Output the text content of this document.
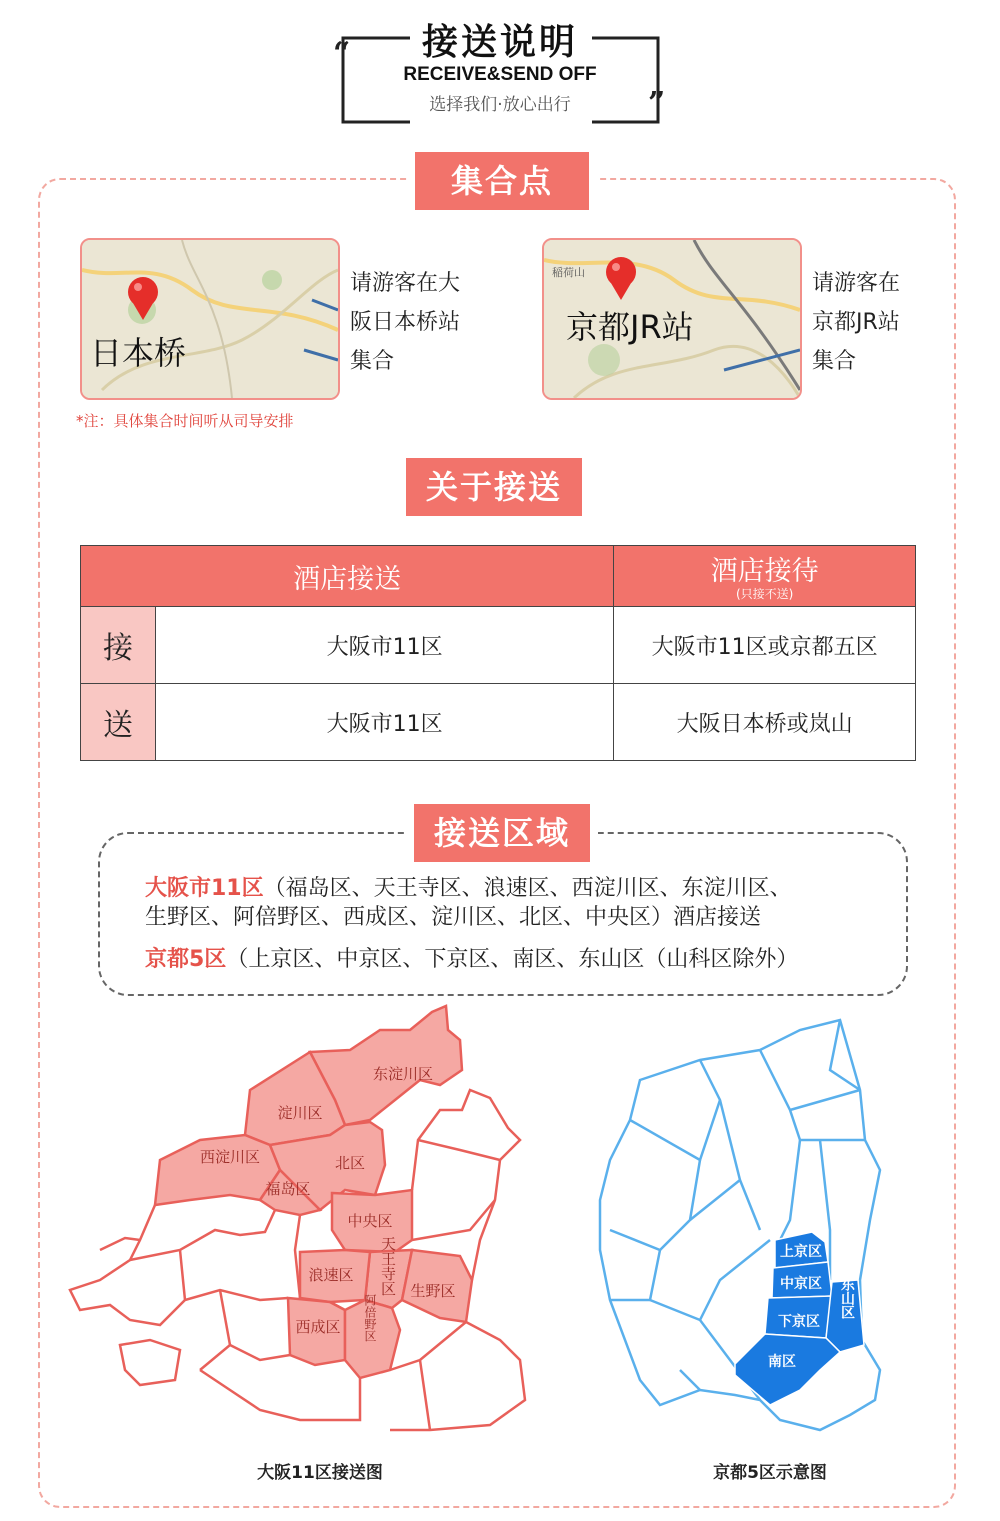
“
”
接送说明
RECEIVE&SEND OFF
选择我们·放心出行
集合点
日本桥
请游客在大
阪日本桥站
集合
稲荷山
京都JR站
请游客在
京都JR站
集合
*注：具体集合时间听从司导安排
关于接送
酒店接送		酒店接待
(只接不送)

接	大阪市11区	大阪市11区或京都五区
送	大阪市11区	大阪日本桥或岚山
接送区域
大阪市11区（福岛区、天王寺区、浪速区、西淀川区、东淀川区、
生野区、阿倍野区、西成区、淀川区、北区、中央区）酒店接送
京都5区（上京区、中京区、下京区、南区、东山区（山科区除外）
东淀川区
淀川区
西淀川区	北区
福岛区
中央区
天王寺区
浪速区
生野区
西成区 阿倍野区
大阪11区接送图
上京区
中京区
下京区
东山区
南区
京都5区示意图
